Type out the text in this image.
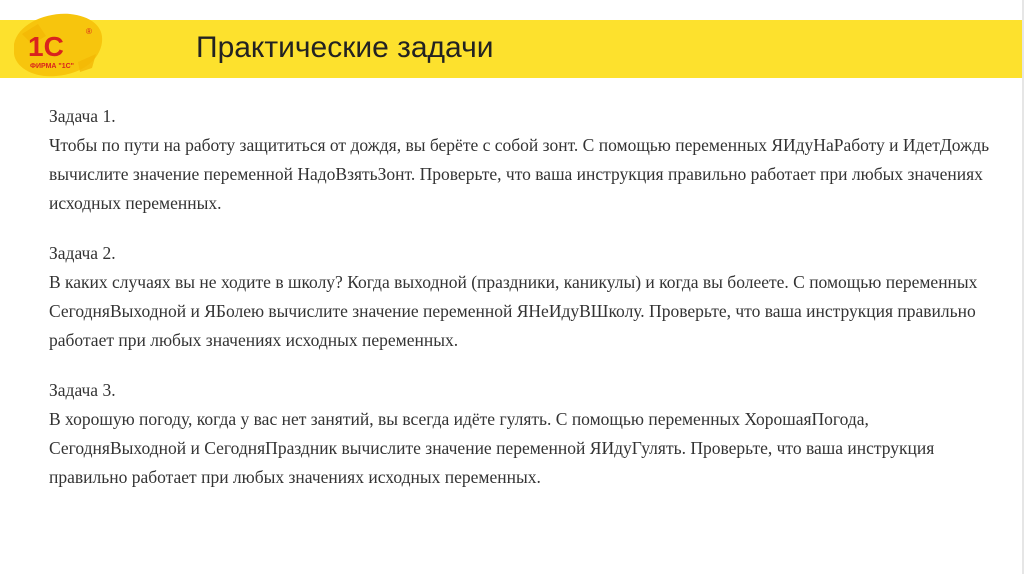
1С	®
ФИРМА "1С"
Практические задачи
Задача 1.
Чтобы по пути на работу защититься от дождя, вы берёте с собой зонт. С помощью переменных ЯИдуНаРаботу и ИдетДождь вычислите значение переменной НадоВзятьЗонт. Проверьте, что ваша инструкция правильно работает при любых значениях исходных переменных.
Задача 2.
В каких случаях вы не ходите в школу? Когда выходной (праздники, каникулы) и когда вы болеете. С помощью переменных СегодняВыходной и ЯБолею вычислите значение переменной ЯНеИдуВШколу. Проверьте, что ваша инструкция правильно работает при любых значениях исходных переменных.
Задача 3.
В хорошую погоду, когда у вас нет занятий, вы всегда идёте гулять. С помощью переменных ХорошаяПогода, СегодняВыходной и СегодняПраздник вычислите значение переменной ЯИдуГулять. Проверьте, что ваша инструкция правильно работает при любых значениях исходных переменных.
